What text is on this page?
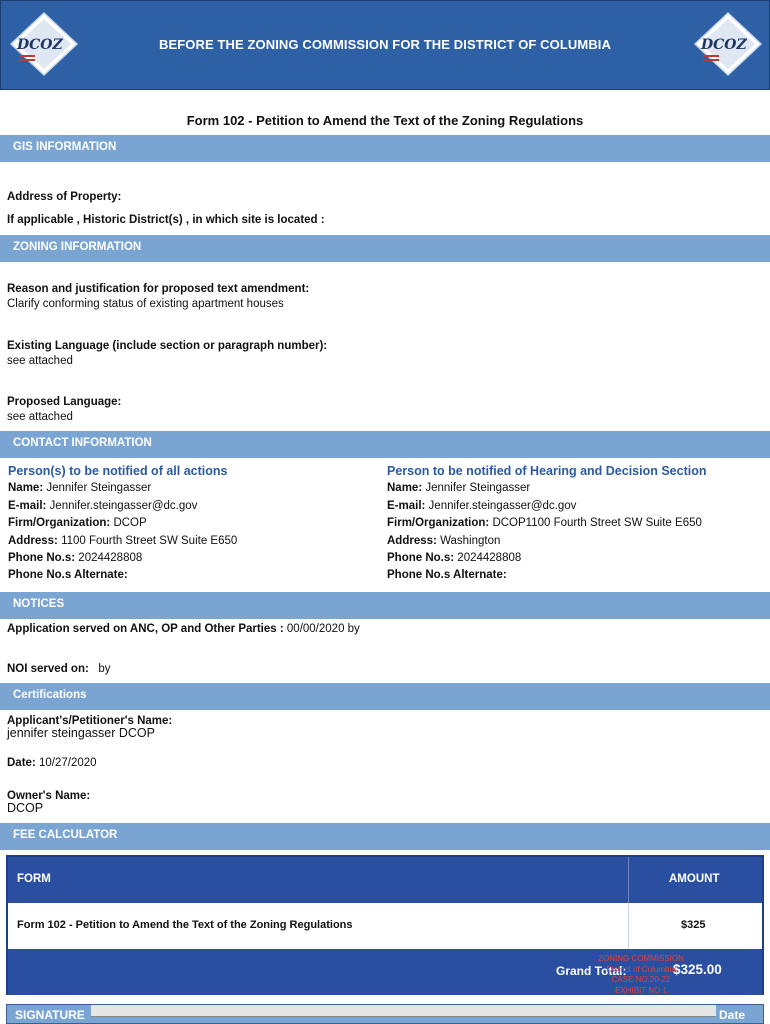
DCOZ	BEFORE THE ZONING COMMISSION FOR THE DISTRICT OF COLUMBIA	DCOZ
Form 102 - Petition to Amend the Text of the Zoning Regulations
GIS INFORMATION
Address of Property:
If applicable , Historic District(s) , in which site is located :
ZONING INFORMATION
Reason and justification for proposed text amendment:
Clarify conforming status of existing apartment houses
Existing Language (include section or paragraph number):
see attached
Proposed Language:
see attached
CONTACT INFORMATION
Person(s) to be notified of all actions
Name: Jennifer Steingasser
E-mail: Jennifer.steingasser@dc.gov
Firm/Organization: DCOP
Address: 1100 Fourth Street SW Suite E650
Phone No.s: 2024428808
Phone No.s Alternate:
Person to be notified of Hearing and Decision Section
Name: Jennifer Steingasser
E-mail: Jennifer.steingasser@dc.gov
Firm/Organization: DCOP1100 Fourth Street SW Suite E650
Address: Washington
Phone No.s: 2024428808
Phone No.s Alternate:
NOTICES
Application served on ANC, OP and Other Parties : 00/00/2020 by
NOI served on: by
Certifications
Applicant's/Petitioner's Name:
jennifer steingasser DCOP
Date: 10/27/2020
Owner's Name:
DCOP
FEE CALCULATOR
FORM	AMOUNT
Form 102 - Petition to Amend the Text of the Zoning Regulations	$325
Grand Total:	$325.00
ZONING COMMISSION
District of Columbia
CASE NO.20-22
EXHIBIT NO.1
SIGNATURE	Date
